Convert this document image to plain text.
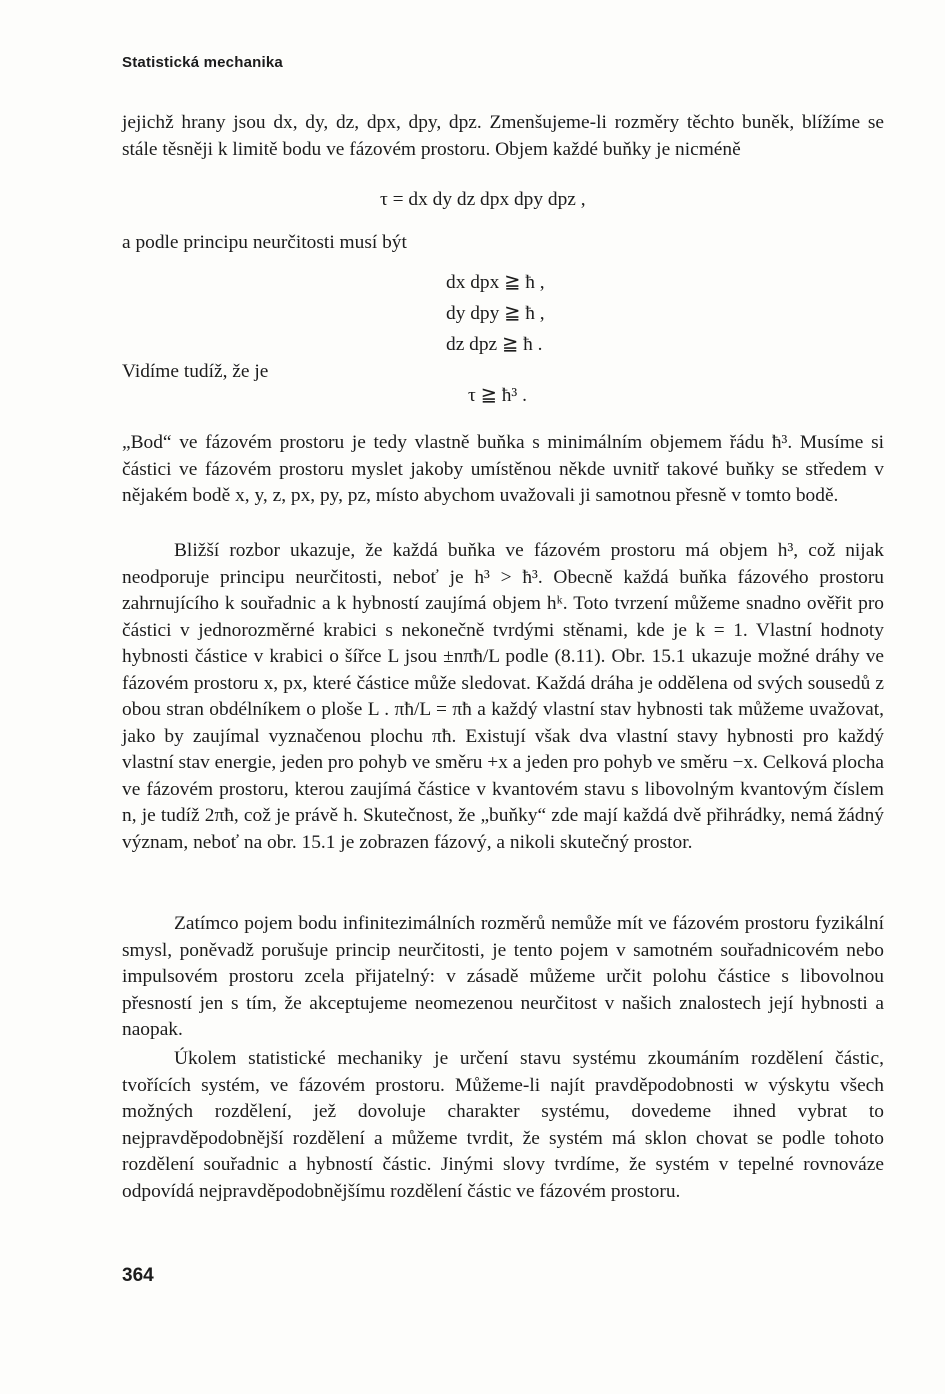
Statistická mechanika
jejichž hrany jsou dx, dy, dz, dpx, dpy, dpz. Zmenšujeme-li rozměry těchto buněk, blížíme se stále těsněji k limitě bodu ve fázovém prostoru. Objem každé buňky je nicméně
τ = dx dy dz dpx dpy dpz ,
a podle principu neurčitosti musí být
dx dpx ≧ ħ ,
dy dpy ≧ ħ ,
dz dpz ≧ ħ .
Vidíme tudíž, že je
τ ≧ ħ³ .
„Bod“ ve fázovém prostoru je tedy vlastně buňka s minimálním objemem řádu ħ³. Musíme si částici ve fázovém prostoru myslet jakoby umístěnou někde uvnitř takové buňky se středem v nějakém bodě x, y, z, px, py, pz, místo abychom uvažovali ji samotnou přesně v tomto bodě.
Bližší rozbor ukazuje, že každá buňka ve fázovém prostoru má objem h³, což nijak neodporuje principu neurčitosti, neboť je h³ > ħ³. Obecně každá buňka fázového prostoru zahrnujícího k souřadnic a k hybností zaujímá objem hᵏ. Toto tvrzení můžeme snadno ověřit pro částici v jednorozměrné krabici s nekonečně tvrdými stěnami, kde je k = 1. Vlastní hodnoty hybnosti částice v krabici o šířce L jsou ±nπħ/L podle (8.11). Obr. 15.1 ukazuje možné dráhy ve fázovém prostoru x, px, které částice může sledovat. Každá dráha je oddělena od svých sousedů z obou stran obdélníkem o ploše L . πħ/L = πħ a každý vlastní stav hybnosti tak můžeme uvažovat, jako by zaujímal vyznačenou plochu πħ. Existují však dva vlastní stavy hybnosti pro každý vlastní stav energie, jeden pro pohyb ve směru +x a jeden pro pohyb ve směru −x. Celková plocha ve fázovém prostoru, kterou zaujímá částice v kvantovém stavu s libovolným kvantovým číslem n, je tudíž 2πħ, což je právě h. Skutečnost, že „buňky“ zde mají každá dvě přihrádky, nemá žádný význam, neboť na obr. 15.1 je zobrazen fázový, a nikoli skutečný prostor.
Zatímco pojem bodu infinitezimálních rozměrů nemůže mít ve fázovém prostoru fyzikální smysl, poněvadž porušuje princip neurčitosti, je tento pojem v samotném souřadnicovém nebo impulsovém prostoru zcela přijatelný: v zásadě můžeme určit polohu částice s libovolnou přesností jen s tím, že akceptujeme neomezenou neurčitost v našich znalostech její hybnosti a naopak.
Úkolem statistické mechaniky je určení stavu systému zkoumáním rozdělení částic, tvořících systém, ve fázovém prostoru. Můžeme-li najít pravděpodobnosti w výskytu všech možných rozdělení, jež dovoluje charakter systému, dovedeme ihned vybrat to nejpravděpodobnější rozdělení a můžeme tvrdit, že systém má sklon chovat se podle tohoto rozdělení souřadnic a hybností částic. Jinými slovy tvrdíme, že systém v tepelné rovnováze odpovídá nejpravděpodobnějšímu rozdělení částic ve fázovém prostoru.
364
